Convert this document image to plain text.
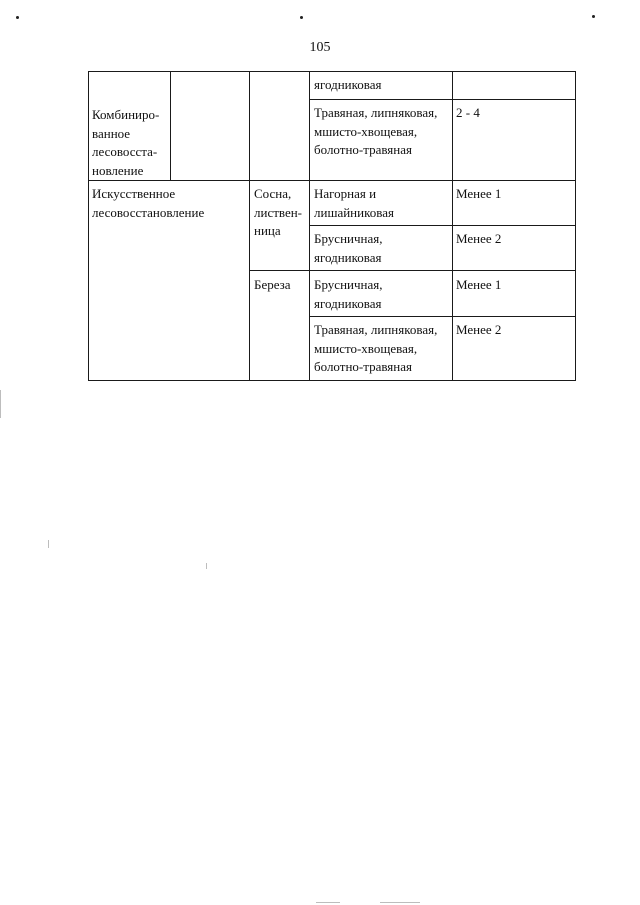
105
Комбиниро-
ванное
лесовосста-
новление
ягодниковая
Травяная, липняковая,
мшисто-хвощевая,
болотно-травяная
2 - 4
Искусственное
лесовосстановление
Сосна,
листвен-
ница
Нагорная и
лишайниковая
Менее 1
Брусничная,
ягодниковая
Менее 2
Береза	Брусничная,
ягодниковая
Менее 1
Травяная, липняковая,
мшисто-хвощевая,
болотно-травяная
Менее 2
